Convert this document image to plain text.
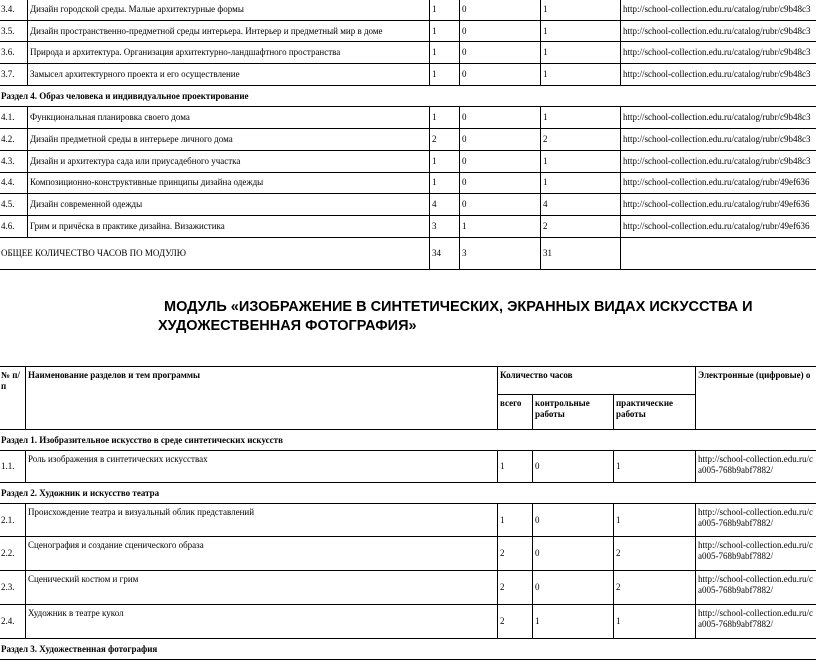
3.4.	Дизайн городской среды. Малые архитектурные формы	1	0	1	http://school-collection.edu.ru/catalog/rubr/c9b48c3
3.5.	Дизайн пространственно-предметной среды интерьера. Интерьер и предметный мир в доме	1	0	1	http://school-collection.edu.ru/catalog/rubr/c9b48c3
3.6.	Природа и архитектура. Организация архитектурно-ландшафтного пространства	1	0	1	http://school-collection.edu.ru/catalog/rubr/c9b48c3
3.7.	Замысел архитектурного проекта и его осуществление	1	0	1	http://school-collection.edu.ru/catalog/rubr/c9b48c3
Раздел 4. Образ человека и индивидуальное проектирование					
4.1.	Функциональная планировка своего дома	1	0	1	http://school-collection.edu.ru/catalog/rubr/c9b48c3
4.2.	Дизайн предметной среды в интерьере личного дома	2	0	2	http://school-collection.edu.ru/catalog/rubr/c9b48c3
4.3.	Дизайн и архитектура сада или приусадебного участка	1	0	1	http://school-collection.edu.ru/catalog/rubr/c9b48c3
4.4.	Композиционно-конструктивные принципы дизайна одежды	1	0	1	http://school-collection.edu.ru/catalog/rubr/49ef636
4.5.	Дизайн современной одежды	4	0	4	http://school-collection.edu.ru/catalog/rubr/49ef636
4.6.	Грим и причёска в практике дизайна. Визажистика	3	1	2	http://school-collection.edu.ru/catalog/rubr/49ef636
ОБЩЕЕ КОЛИЧЕСТВО ЧАСОВ ПО МОДУЛЮ		34	3	31	
МОДУЛЬ «ИЗОБРАЖЕНИЕ В СИНТЕТИЧЕСКИХ, ЭКРАННЫХ ВИДАХ ИСКУССТВА И
ХУДОЖЕСТВЕННАЯ ФОТОГРАФИЯ»
№ п/п	Наименование разделов и тем программы	Количество часов			Электронные (цифровые) о
		всего	контрольные работы	практические работы	
Раздел 1. Изобразительное искусство в среде синтетических искусств					
1.1.	Роль изображения в синтетических искусствах	1	0	1	http://school-collection.edu.ru/c
a005-768b9abf7882/
Раздел 2. Художник и искусство театра					
2.1.	Происхождение театра и визуальный облик представлений	1	0	1	http://school-collection.edu.ru/c
a005-768b9abf7882/
2.2.	Сценография и создание сценического образа	2	0	2	http://school-collection.edu.ru/c
a005-768b9abf7882/
2.3.	Сценический костюм и грим	2	0	2	http://school-collection.edu.ru/c
a005-768b9abf7882/
2.4.	Художник в театре кукол	2	1	1	http://school-collection.edu.ru/c
a005-768b9abf7882/
Раздел 3. Художественная фотография					
